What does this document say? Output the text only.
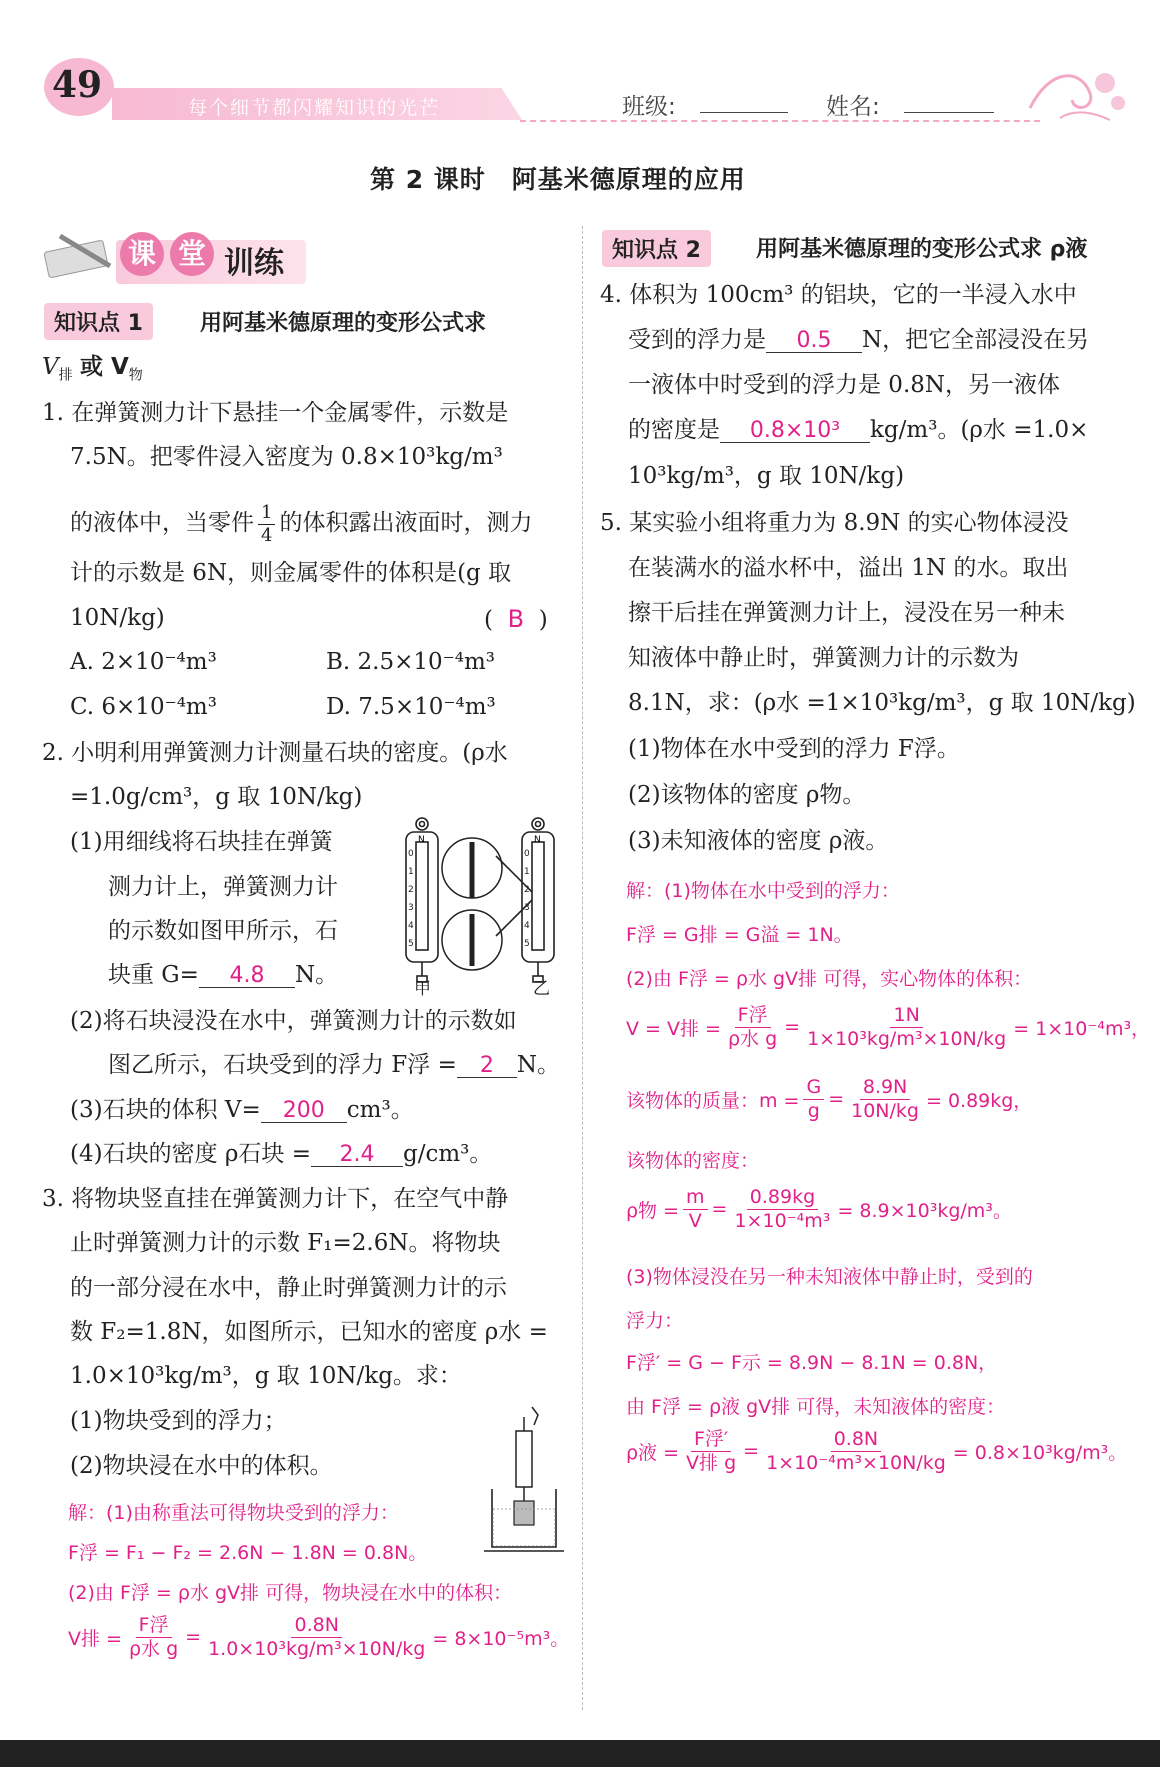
49
每个细节都闪耀知识的光芒	班级:	姓名:
第 2 课时　阿基米德原理的应用
课 堂 训练
知识点 1	用阿基米德原理的变形公式求
$V_排$ 或 $V_物$
1. 在弹簧测力计下悬挂一个金属零件，示数是
7.5N。把零件浸入密度为 0.8×10³kg/m³
的液体中，当零件 $\frac{1}{4}$ 的体积露出液面时，测力
计的示数是 6N，则金属零件的体积是(g 取
10N/kg)	(  B  )
A. 2×10⁻⁴m³	B. 2.5×10⁻⁴m³
C. 6×10⁻⁴m³	D. 7.5×10⁻⁴m³
2. 小明利用弹簧测力计测量石块的密度。(ρ水
=1.0g/cm³，g 取 10N/kg)
(1)用细线将石块挂在弹簧
测力计上，弹簧测力计
的示数如图甲所示，石
块重 G= 4.8 N。
N
0
1
2
3
4
5
N
0
1
2
3
4
5
甲	乙
(2)将石块浸没在水中，弹簧测力计的示数如
图乙所示，石块受到的浮力 F浮 = 2 N。
(3)石块的体积 V= 200 cm³。
(4)石块的密度 ρ石块 = 2.4 g/cm³。
3. 将物块竖直挂在弹簧测力计下，在空气中静
止时弹簧测力计的示数 F₁=2.6N。将物块
的一部分浸在水中，静止时弹簧测力计的示
数 F₂=1.8N，如图所示，已知水的密度 ρ水 =
1.0×10³kg/m³，g 取 10N/kg。求：
(1)物块受到的浮力；
(2)物块浸在水中的体积。
解：(1)由称重法可得物块受到的浮力：
F浮 = F₁ − F₂ = 2.6N − 1.8N = 0.8N。
(2)由 F浮 = ρ水 gV排 可得，物块浸在水中的体积：
V排 = $\frac{\text{F浮}}{\text{ρ水 g}} = \frac{0.8N}{\text{1.0×10³kg/m³×10N/kg}} = 8\times 10^{-5}m^3$。
知识点 2	用阿基米德原理的变形公式求 ρ液
4. 体积为 100cm³ 的铝块，它的一半浸入水中
受到的浮力是 0.5 N，把它全部浸没在另
一液体中时受到的浮力是 0.8N，另一液体
的密度是 0.8×10³ kg/m³。(ρ水 =1.0×
10³kg/m³，g 取 10N/kg)
5. 某实验小组将重力为 8.9N 的实心物体浸没
在装满水的溢水杯中，溢出 1N 的水。取出
擦干后挂在弹簧测力计上，浸没在另一种未
知液体中静止时，弹簧测力计的示数为
8.1N，求：(ρ水 =1×10³kg/m³，g 取 10N/kg)
(1)物体在水中受到的浮力 F浮。
(2)该物体的密度 ρ物。
(3)未知液体的密度 ρ液。
解：(1)物体在水中受到的浮力：
F浮 = G排 = G溢 = 1N。
(2)由 F浮 = ρ水 gV排 可得，实心物体的体积：
V = V排 = $\frac{\text{F浮}}{\text{ρ水 g}} = \frac{1N}{\text{1×10³kg/m³×10N/kg}} = 1\times 10^{-4}m^3$，
该物体的质量：$m = \frac{G}{g} = \frac{8.9N}{10N/kg} = 0.89kg$，
该物体的密度：
ρ物 = $\frac{m}{V} = \frac{0.89kg}{\text{1×10⁻⁴m³}} = 8.9\times 10^3kg/m^3$。
(3)物体浸没在另一种未知液体中静止时，受到的
浮力：
F浮′ = G − F示 = 8.9N − 8.1N = 0.8N，
由 F浮 = ρ液 gV排 可得，未知液体的密度：
ρ液 = $\frac{\text{F浮′}}{\text{V排 g}} = \frac{0.8N}{\text{1×10⁻⁴m³×10N/kg}} = 0.8\times 10^3kg/m^3$。
